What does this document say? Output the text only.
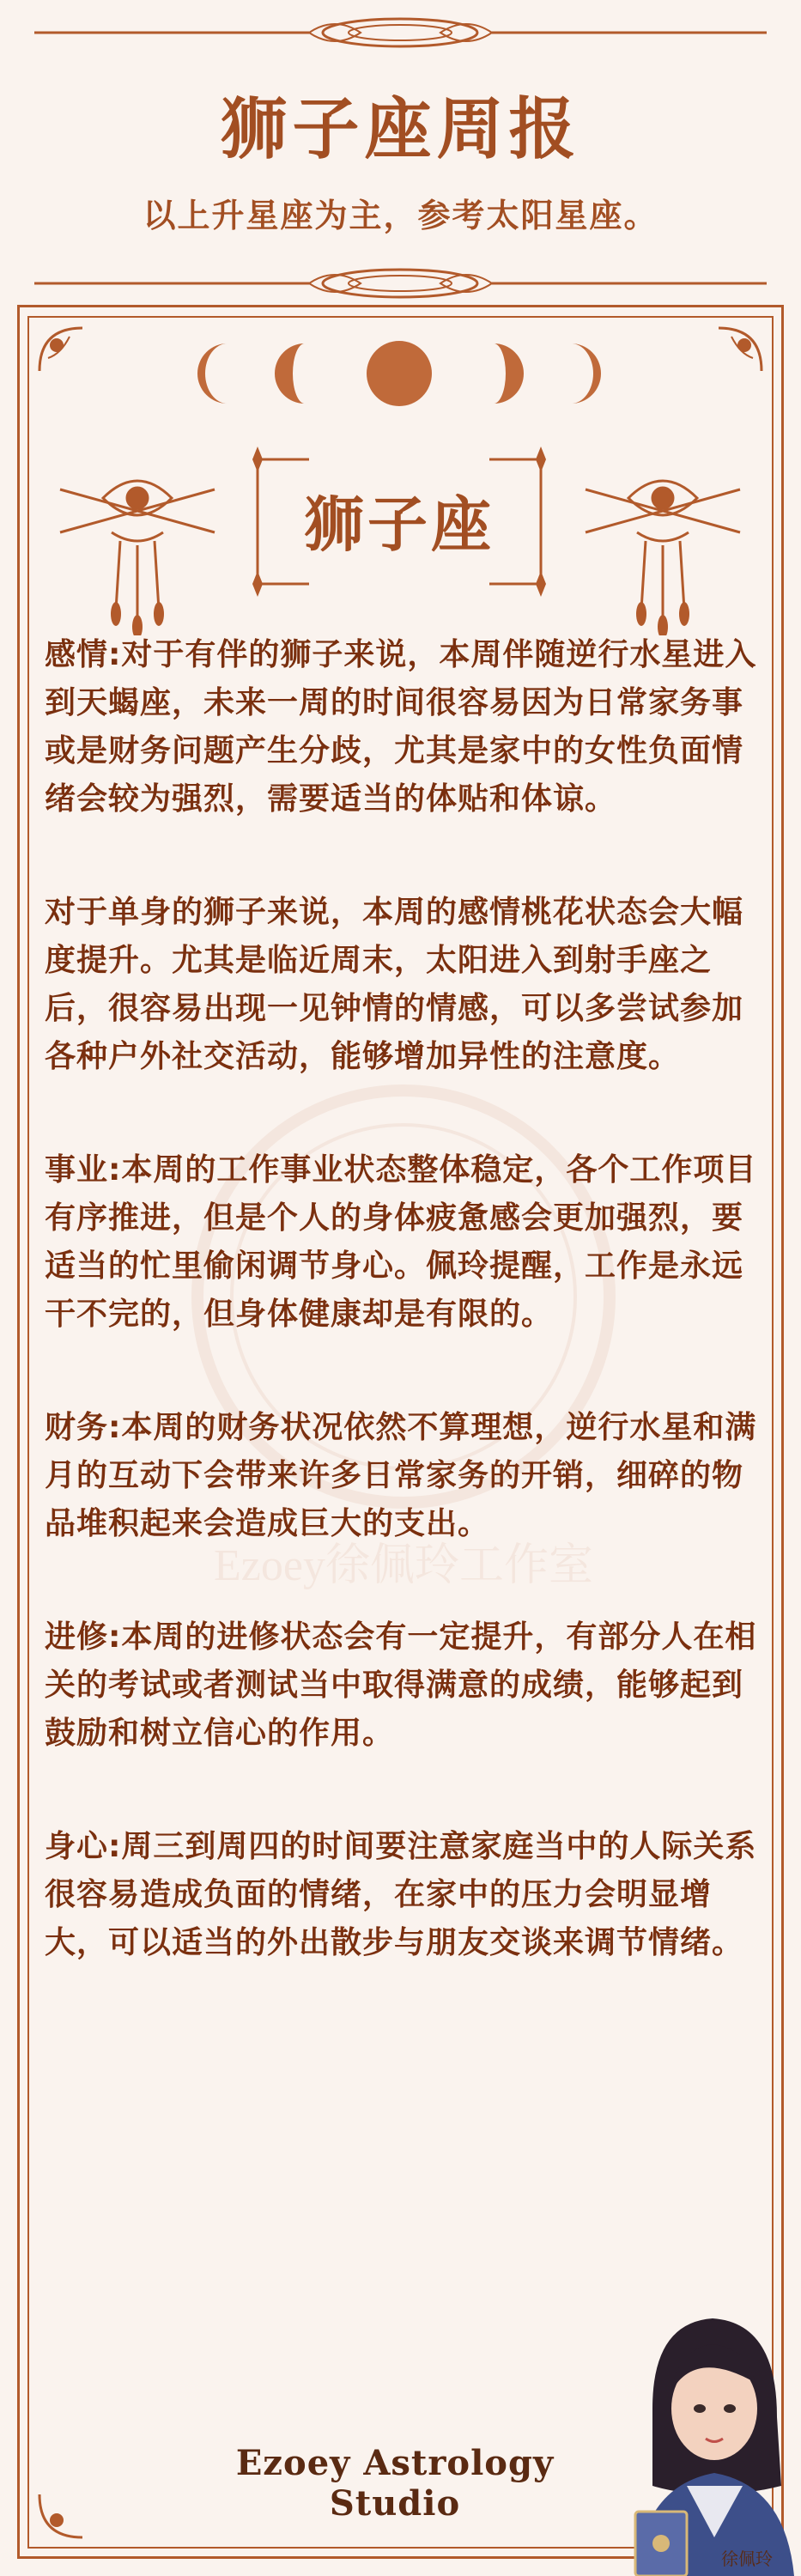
狮子座周报
以上升星座为主，参考太阳星座。
狮子座
Ezoey徐佩玲工作室

感情:对于有伴的狮子来说，本周伴随逆行水星进入到天蝎座，未来一周的时间很容易因为日常家务事或是财务问题产生分歧，尤其是家中的女性负面情绪会较为强烈，需要适当的体贴和体谅。

对于单身的狮子来说，本周的感情桃花状态会大幅度提升。尤其是临近周末，太阳进入到射手座之后，很容易出现一见钟情的情感，可以多尝试参加各种户外社交活动，能够增加异性的注意度。

事业:本周的工作事业状态整体稳定，各个工作项目有序推进，但是个人的身体疲惫感会更加强烈，要适当的忙里偷闲调节身心。佩玲提醒，工作是永远干不完的，但身体健康却是有限的。

财务:本周的财务状况依然不算理想，逆行水星和满月的互动下会带来许多日常家务的开销，细碎的物品堆积起来会造成巨大的支出。

进修:本周的进修状态会有一定提升，有部分人在相关的考试或者测试当中取得满意的成绩，能够起到鼓励和树立信心的作用。

身心:周三到周四的时间要注意家庭当中的人际关系很容易造成负面的情绪，在家中的压力会明显增大，可以适当的外出散步与朋友交谈来调节情绪。

Ezoey Astrology Studio
徐佩玲
